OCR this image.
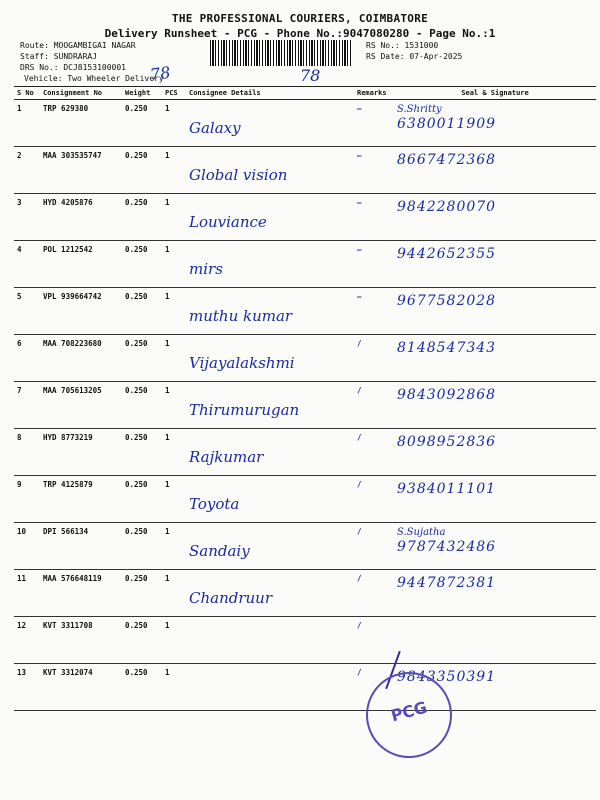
THE PROFESSIONAL COURIERS, COIMBATORE
Delivery Runsheet - PCG - Phone No.:9047080280 - Page No.:1
Route: MOOGAMBIGAI NAGAR
Staff: SUNDRARAJ
DRS No.: DCJ8153100001
Vehicle: Two Wheeler Delivery
RS No.: 1531000
RS Date: 07-Apr-2025
78	78
S No	Consignment No	Weight	PCS	Consignee Details	Remarks	Seal & Signature
1	TRP 629380	0.250	1	Galaxy	—	S.Shritty
6380011909

2	MAA 303535747	0.250	1	Global vision	—	8667472368

3	HYD 4205876	0.250	1	Louviance	—	9842280070

4	POL 1212542	0.250	1	mirs	—	9442652355

5	VPL 939664742	0.250	1	muthu kumar	—	9677582028

6	MAA 708223680	0.250	1	Vijayalakshmi	/	8148547343

7	MAA 705613205	0.250	1	Thirumurugan	/	9843092868

8	HYD 8773219	0.250	1	Rajkumar	/	8098952836

9	TRP 4125879	0.250	1	Toyota	/	9384011101

10	DPI 566134	0.250	1	Sandaiy	/	S.Sujatha
9787432486

11	MAA 576648119	0.250	1	Chandruur	/	9447872381

12	KVT 3311708	0.250	1		/	

13	KVT 3312074	0.250	1		/	9843350391
PCG
